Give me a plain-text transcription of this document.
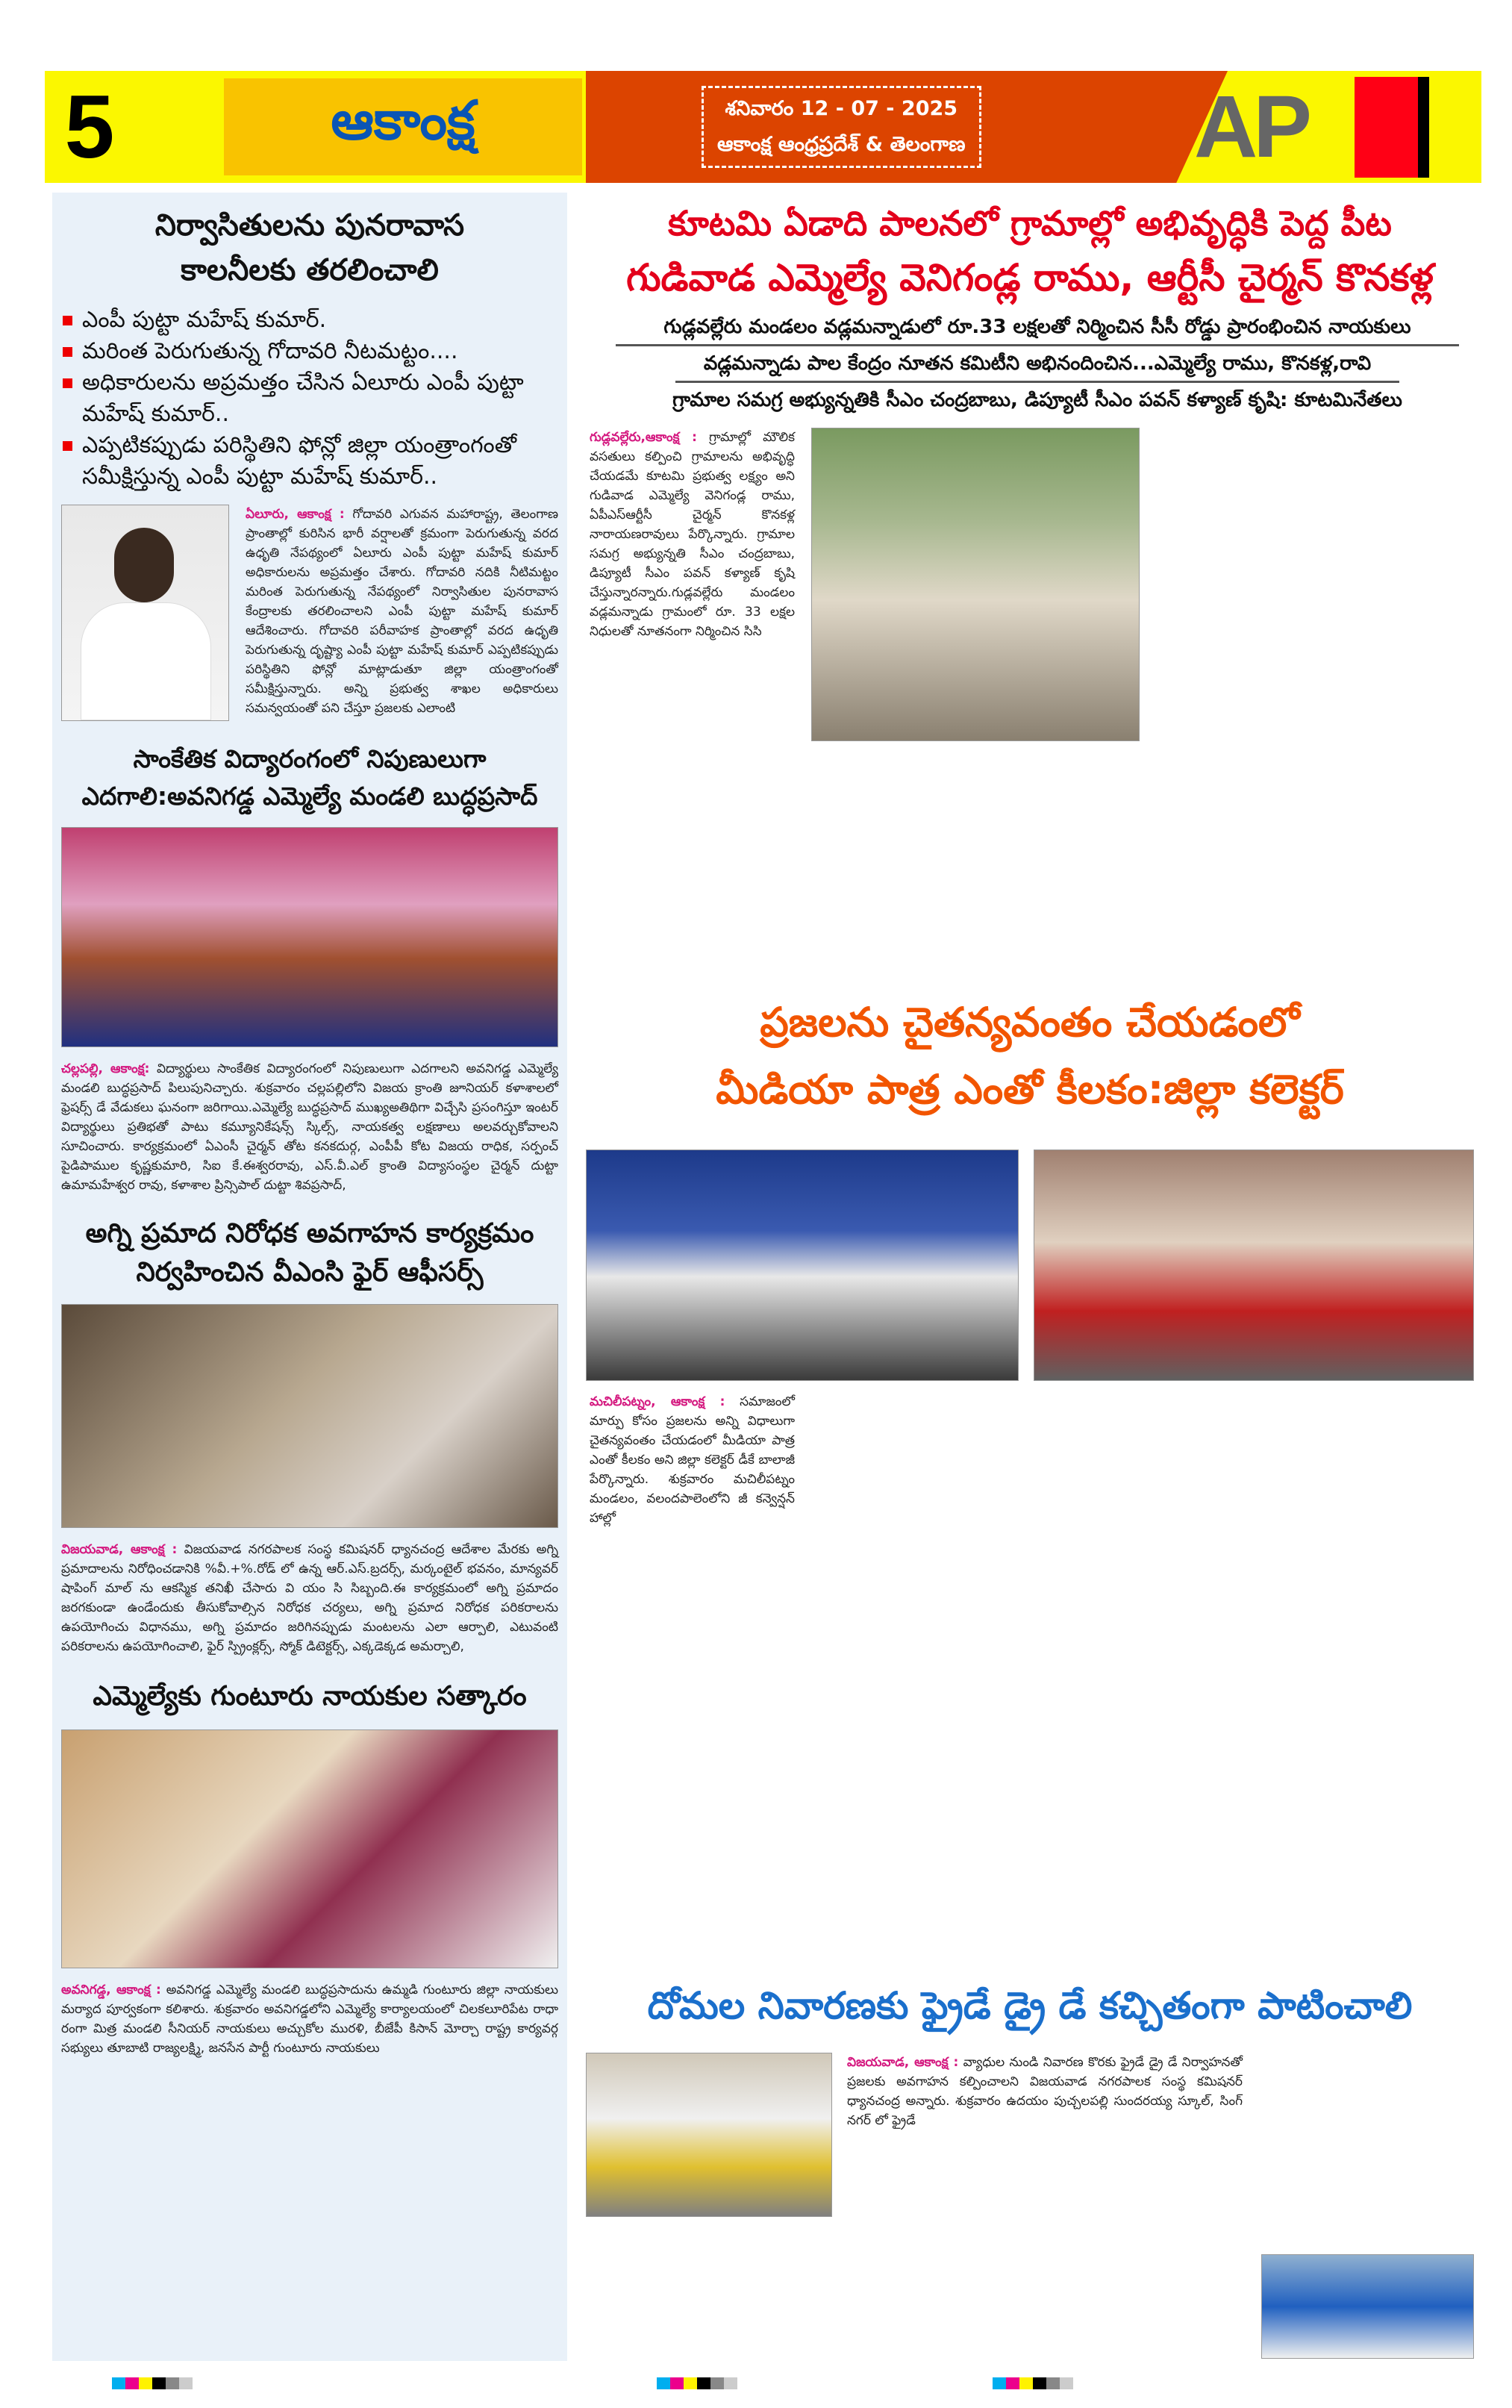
5	ఆకాంక్ష	శనివారం 12 - 07 - 2025
ఆకాంక్ష ఆంధ్రప్రదేశ్ & తెలంగాణ	AP
నిర్వాసితులను పునరావాస
కాలనీలకు తరలించాలి
ఎంపీ పుట్టా మహేష్ కుమార్.
మరింత పెరుగుతున్న గోదావరి నీటమట్టం....
అధికారులను అప్రమత్తం చేసిన ఏలూరు ఎంపీ పుట్టా మహేష్ కుమార్..
ఎప్పటికప్పుడు పరిస్థితిని ఫోన్లో జిల్లా యంత్రాంగంతో సమీక్షిస్తున్న ఎంపీ పుట్టా మహేష్ కుమార్..

ఏలూరు, ఆకాంక్ష : గోదావరి ఎగువన మహారాష్ట్ర, తెలంగాణ ప్రాంతాల్లో కురిసిన భారీ వర్షాలతో క్రమంగా పెరుగుతున్న వరద ఉధృతి నేపథ్యంలో ఏలూరు ఎంపీ పుట్టా మహేష్ కుమార్ అధికారులను అప్రమత్తం చేశారు. గోదావరి నదికి నీటిమట్టం మరింత పెరుగుతున్న నేపథ్యంలో నిర్వాసితుల పునరావాస కేంద్రాలకు తరలించాలని ఎంపీ పుట్టా మహేష్ కుమార్ ఆదేశించారు. గోదావరి పరీవాహక ప్రాంతాల్లో వరద ఉధృతి పెరుగుతున్న దృష్ట్యా ఎంపీ పుట్టా మహేష్ కుమార్ ఎప్పటికప్పుడు పరిస్థితిని ఫోన్లో మాట్లాడుతూ జిల్లా యంత్రాంగంతో సమీక్షిస్తున్నారు. అన్ని ప్రభుత్వ శాఖల అధికారులు సమన్వయంతో పని చేస్తూ ప్రజలకు ఎలాంటి

సాంకేతిక విద్యారంగంలో నిపుణులుగా
ఎదగాలి:అవనిగడ్డ ఎమ్మెల్యే మండలి బుద్ధప్రసాద్

చల్లపల్లి, ఆకాంక్ష: విద్యార్థులు సాంకేతిక విద్యారంగంలో నిపుణులుగా ఎదగాలని అవనిగడ్డ ఎమ్మెల్యే మండలి బుద్ధప్రసాద్ పిలుపునిచ్చారు. శుక్రవారం చల్లపల్లిలోని విజయ క్రాంతి జూనియర్ కళాశాలలో ఫ్రెషర్స్ డే వేడుకలు ఘనంగా జరిగాయి.ఎమ్మెల్యే బుద్ధప్రసాద్ ముఖ్యఅతిథిగా విచ్చేసి ప్రసంగిస్తూ ఇంటర్ విద్యార్థులు ప్రతిభతో పాటు కమ్యూనికేషన్స్ స్కిల్స్, నాయకత్వ లక్షణాలు అలవర్చుకోవాలని సూచించారు. కార్యక్రమంలో ఏఎంసీ చైర్మన్ తోట కనకదుర్గ, ఎంపీపీ కోట విజయ రాధిక, సర్పంచ్ పైడిపాముల కృష్ణకుమారి, సిఐ కే.ఈశ్వరరావు, ఎస్.వీ.ఎల్ క్రాంతి విద్యాసంస్థల చైర్మన్ దుట్టా ఉమామహేశ్వర రావు, కళాశాల ప్రిన్సిపాల్ దుట్టా శివప్రసాద్,

అగ్ని ప్రమాద నిరోధక అవగాహన కార్యక్రమం
నిర్వహించిన వీఎంసి ఫైర్ ఆఫీసర్స్

విజయవాడ, ఆకాంక్ష : విజయవాడ నగరపాలక సంస్థ కమిషనర్ ధ్యానచంద్ర ఆదేశాల మేరకు అగ్ని ప్రమాదాలను నిరోధించడానికి %వీ.+%.రోడ్ లో ఉన్న ఆర్.ఎస్.బ్రదర్స్, మర్కంటైల్ భవనం, మాన్యవర్ షాపింగ్ మాల్ ను ఆకస్మిక తనిఖీ చేసారు వి యం సి సిబ్బంది.ఈ కార్యక్రమంలో అగ్ని ప్రమాదం జరగకుండా ఉండేందుకు తీసుకోవాల్సిన నిరోధక చర్యలు, అగ్ని ప్రమాద నిరోధక పరికరాలను ఉపయోగించు విధానము, అగ్ని ప్రమాదం జరిగినప్పుడు మంటలను ఎలా ఆర్పాలి, ఎటువంటి పరికరాలను ఉపయోగించాలి, ఫైర్ స్ప్రింక్లర్స్, స్మోక్ డిటెక్టర్స్, ఎక్కడెక్కడ అమర్చాలి,

ఎమ్మెల్యేకు గుంటూరు నాయకుల సత్కారం

అవనిగడ్డ, ఆకాంక్ష : అవనిగడ్డ ఎమ్మెల్యే మండలి బుద్ధప్రసాదును ఉమ్మడి గుంటూరు జిల్లా నాయకులు మర్యాద పూర్వకంగా కలిశారు. శుక్రవారం అవనిగడ్డలోని ఎమ్మెల్యే కార్యాలయంలో చిలకలూరిపేట రాధా రంగా మిత్ర మండలి సీనియర్ నాయకులు అచ్చుకోల మురళి, బీజేపీ కిసాన్ మోర్చా రాష్ట్ర కార్యవర్గ సభ్యులు తూబాటి రాజ్యలక్ష్మి, జనసేన పార్టీ గుంటూరు నాయకులు

కూటమి ఏడాది పాలనలో గ్రామాల్లో అభివృద్ధికి పెద్ద పీట
గుడివాడ ఎమ్మెల్యే వెనిగండ్ల రాము, ఆర్టీసీ చైర్మన్ కొనకళ్ల
గుడ్లవల్లేరు మండలం వడ్లమన్నాడులో రూ.33 లక్షలతో నిర్మించిన సీసీ రోడ్డు ప్రారంభించిన నాయకులు
వడ్లమన్నాడు పాల కేంద్రం నూతన కమిటీని అభినందించిన...ఎమ్మెల్యే రాము, కొనకళ్ల,రావి
గ్రామాల సమగ్ర అభ్యున్నతికి సీఎం చంద్రబాబు, డిప్యూటీ సీఎం పవన్ కళ్యాణ్ కృషి: కూటమినేతలు

గుడ్లవల్లేరు,ఆకాంక్ష : గ్రామాల్లో మౌలిక వసతులు కల్పించి గ్రామాలను అభివృద్ధి చేయడమే కూటమి ప్రభుత్వ లక్ష్యం అని గుడివాడ ఎమ్మెల్యే వెనిగండ్ల రాము, ఏపీఎస్ఆర్టీసీ చైర్మన్ కొనకళ్ల నారాయణరావులు పేర్కొన్నారు. గ్రామాల సమగ్ర అభ్యున్నతి సీఎం చంద్రబాబు, డిప్యూటీ సీఎం పవన్ కళ్యాణ్ కృషి చేస్తున్నారన్నారు.గుడ్లవల్లేరు మండలం వడ్లమన్నాడు గ్రామంలో రూ. 33 లక్షల నిధులతో నూతనంగా నిర్మించిన సిసి

ప్రజలను చైతన్యవంతం చేయడంలో
మీడియా పాత్ర ఎంతో కీలకం:జిల్లా కలెక్టర్

మచిలీపట్నం, ఆకాంక్ష : సమాజంలో మార్పు కోసం ప్రజలను అన్ని విధాలుగా చైతన్యవంతం చేయడంలో మీడియా పాత్ర ఎంతో కీలకం అని జిల్లా కలెక్టర్ డీకే బాలాజీ పేర్కొన్నారు. శుక్రవారం మచిలీపట్నం మండలం, వలందపాలెంలోని జీ కన్వెన్షన్ హాల్లో

దోమల నివారణకు ఫ్రైడే డ్రై డే కచ్చితంగా పాటించాలి

విజయవాడ, ఆకాంక్ష : వ్యాధుల నుండి నివారణ కొరకు ఫ్రైడే డ్రై డే నిర్వాహనతో ప్రజలకు అవగాహన కల్పించాలని విజయవాడ నగరపాలక సంస్థ కమిషనర్ ధ్యానచంద్ర అన్నారు. శుక్రవారం ఉదయం పుచ్చలపల్లి సుందరయ్య స్కూల్, సింగ్ నగర్ లో ఫ్రైడే
